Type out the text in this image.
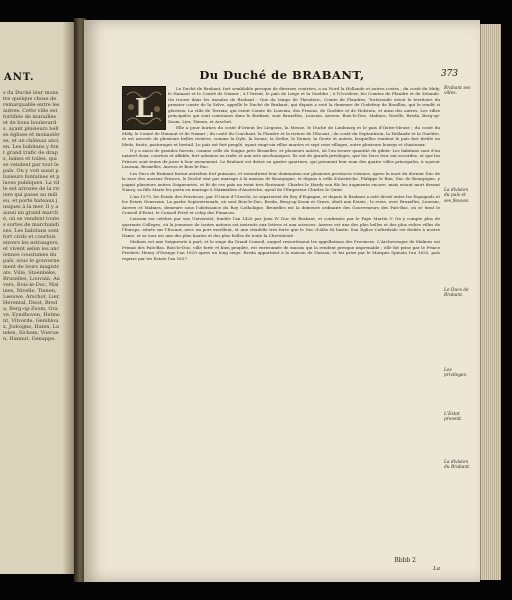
ANT.
s du Duché leur monstre quelque chose de remarquable entre les autres. Cette ville est fortifiée de murailles et de bons boulevards, ayant plusieurs belles églises et monastères, et un château ancien. Les habitans y font grand trafic de draps, laines et toiles, qui se vendent par tout le païs. On y voit aussi plusieurs fontaines et places publiques. La ville est arrosée de la riviere qui passe au milieu, et porte bateaux jusques à la mer. Il y a aussi un grand marché, où se vendent toutes sortes de marchandises. Les habitans sont fort civils et courtois envers les estrangers, et vivent selon les anciennes coustumes du païs, sous le gouvernement de leurs magistrats. Ville, Stoenbeke, Bruselles, Louvain, Anvers, Bois-le-Duc, Malines, Nivelle, Tienen, Leeuwe, Arschot, Lier, Herental, Diest, Breda, Berg-op-Zoom, Grave, Eyndhoven, Helmont, Vilvorde, Gembloux, Jodoigne, Halen, Landen, Sichem, Vueruen, Hannut, Genappe.
Du Duché de BRABANT,	373
L

Le Duché de Brabant, fort semblable presque de diverses contrées, a au Nord la Hollande et autres costes ; du costé du Midy, le Hainaut et le Comté de Namur ; à l'Orient, le païs de Liege et la Gueldre ; à l'Occident, les Comtez de Flandre et de Zelande. On trouve dans les Annales de Brabant : Que du temps de Theodoric, Comte de Flandres, Torteronde estoit le territoire du premier comte de la Selve, appellé le Duché de Brabant, qui depuis a esté la demeure de Godefroy de Bouillon, qui le rendit si glorieux. La ville de Terrain, qui estoit Comte de Louvain, des Frisons, de Gueldre et de Holstein, et ainsi des autres. Les villes principales qui sont contenues dans le Brabant, sont Bruxelles, Louvain, Anvers, Bois-le-Duc, Malines, Nivelle, Breda, Berg-op-Zoom, Lier, Tienen, et Arschot.

Elle a pour bornes du costé d'Orient les Liegeois, la Meuse, le Duché de Limbourg et le païs d'Outre-Meuse ; du costé du Midy, le Comté de Hainaut et de Namur ; du costé du Couchant, la Flandre et la riviere de l'Escaut ; du costé du Septentrion, la Hollande et la Gueldre, et est arrosée de plusieurs belles rivieres, comme la Dyle, la Senne, la Nethe, le Demer, la Geete et autres, lesquelles rendent le païs fort fertile en bleds, fruits, pasturages et bestail. Le païs est fort peuplé, ayant vingt-six villes murées et sept cens villages, outre plusieurs bourgs et chasteaux.

Il y a aussi de grandes forests, comme celle de Soigne prés Bruxelles, et plusieurs autres, où l'on trouve quantité de gibier. Les habitans sont d'un naturel doux, courtois et affable, fort adonnez au trafic et aux arts mechaniques. Ils ont de grands privileges, que les Ducs leur ont accordez, et que les Princes sont tenus de jurer à leur avenement. Le Brabant est divisé en quatre quartiers, qui prennent leur nom des quatre villes principales, à sçavoir Louvain, Bruxelles, Anvers et Bois-le-Duc.

Les Ducs de Brabant furent autrefois fort puissans, et estendirent leur domination sur plusieurs provinces voisines. Apres la mort du dernier Duc de la race des anciens Princes, le Duché vint par mariage à la maison de Bourgogne, et depuis à celle d'Austriche. Philippe le Bon, Duc de Bourgogne, y joignit plusieurs autres Seigneuries, et fit de ces païs un estat tres florissant. Charles le Hardy son fils les augmenta encore, mais estant mort devant Nancy, sa fille Marie les porta en mariage à Maximilien d'Austriche, ayeul de l'Empereur Charles le Quint.

L'an 1579, les Estats des Provinces, par l'Union d'Utrecht, se separerent du Roy d'Espagne, et depuis le Brabant a esté divisé entre les Espagnols et les Estats Generaux. La partie Septentrionale, où sont Bois-le-Duc, Breda, Berg-op-Zoom et Grave, obeït aux Estats ; le reste, avec Bruxelles, Louvain, Anvers et Malines, demeure sous l'obeïssance du Roy Catholique. Bruxelles est la demeure ordinaire des Gouverneurs des Païs-Bas, où se tient le Conseil d'Estat, le Conseil Privé et celuy des Finances.

Louvain est celebre par son Université, fondée l'an 1426 par Jean IV Duc de Brabant, et confirmée par le Pape Martin V. On y compte plus de quarante Colleges, où la jeunesse de toutes nations est instruite aux lettres et aux sciences. Anvers est une des plus belles et des plus riches villes de l'Europe, située sur l'Escaut, avec un port excellent, et une citadelle tres forte que le Duc d'Albe fit bastir. Son Eglise Cathedrale est dediée à nostre Dame, et sa tour est une des plus hautes et des plus belles de toute la Chrestienté.

Malines est une Seigneurie à part, et le siege du Grand Conseil, auquel ressortissent les appellations des Provinces. L'Archevesque de Malines est Primat des Païs-Bas. Bois-le-Duc, ville forte et bien peuplée, est environnée de marais qui la rendent presque imprenable ; elle fut prise par le Prince Frederic Henry d'Orange l'an 1629 apres un long siege. Breda appartient à la maison de Nassau, et fut prise par le Marquis Spinola l'an 1625, puis reprise par les Estats l'an 1637.

Brabant ses villes.
La division du païs et ses fleuves.
Le Ducs de Brabant.
Les privileges.
L'Estat present.
La division du Brabant.
Bbbb 2
La
